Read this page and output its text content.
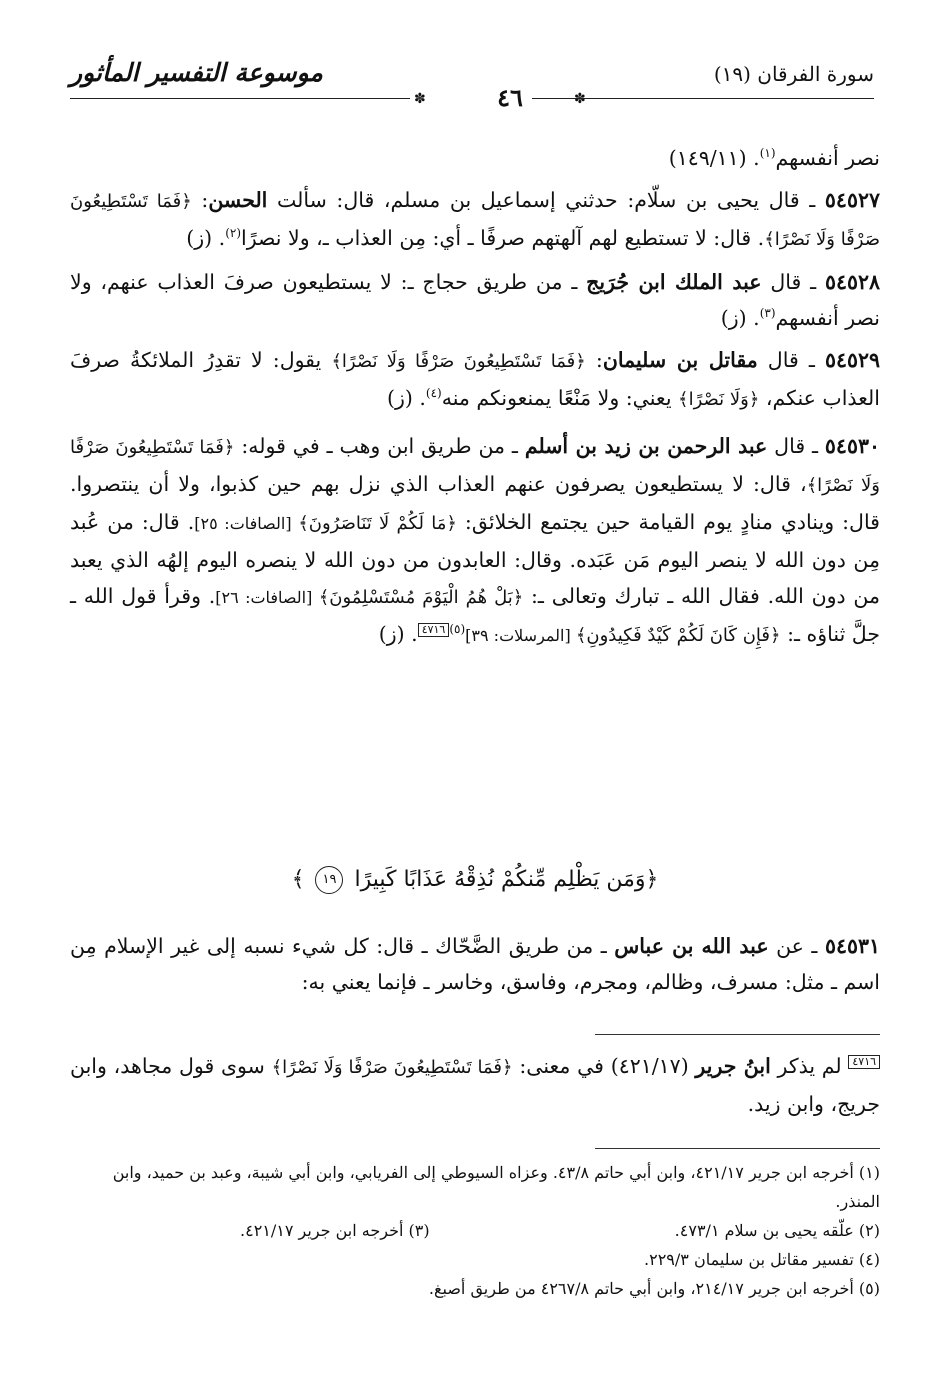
موسوعة التفسير المأثور	سورة الفرقان (١٩)
✽	٤٦	✽

نصر أنفسهم$^{(١)}$. (١٤٩/١١)

٥٤٥٢٧ ـ قال يحيى بن سلّام: حدثني إسماعيل بن مسلم، قال: سألت الحسن: ﴿فَمَا تَسْتَطِيعُونَ صَرْفًا وَلَا نَصْرًا﴾. قال: لا تستطيع لهم آلهتهم صرفًا ـ أي: مِن العذاب ـ، ولا نصرًا$^{(٢)}$. (ز)

٥٤٥٢٨ ـ قال عبد الملك ابن جُرَيج ـ من طريق حجاج ـ: لا يستطيعون صرفَ العذاب عنهم، ولا نصر أنفسهم$^{(٣)}$. (ز)

٥٤٥٢٩ ـ قال مقاتل بن سليمان: ﴿فَمَا تَسْتَطِيعُونَ صَرْفًا وَلَا نَصْرًا﴾ يقول: لا تقدِرُ الملائكةُ صرفَ العذاب عنكم، ﴿وَلَا نَصْرًا﴾ يعني: ولا مَنْعًا يمنعونكم منه$^{(٤)}$. (ز)

٥٤٥٣٠ ـ قال عبد الرحمن بن زيد بن أسلم ـ من طريق ابن وهب ـ في قوله: ﴿فَمَا تَسْتَطِيعُونَ صَرْفًا وَلَا نَصْرًا﴾، قال: لا يستطيعون يصرفون عنهم العذاب الذي نزل بهم حين كذبوا، ولا أن ينتصروا. قال: وينادي منادٍ يوم القيامة حين يجتمع الخلائق: ﴿مَا لَكُمْ لَا تَنَاصَرُونَ﴾ [الصافات: ٢٥]. قال: من عُبد مِن دون الله لا ينصر اليوم مَن عَبَده. وقال: العابدون من دون الله لا ينصره اليوم إلهُه الذي يعبد من دون الله. فقال الله ـ تبارك وتعالى ـ: ﴿بَلْ هُمُ الْيَوْمَ مُسْتَسْلِمُونَ﴾ [الصافات: ٢٦]. وقرأ قول الله ـ جلَّ ثناؤه ـ: ﴿فَإِن كَانَ لَكُمْ كَيْدٌ فَكِيدُونِ﴾ [المرسلات: ٣٩]$^{(٥)}$٤٧١٦. (ز)

﴿وَمَن يَظْلِم مِّنكُمْ نُذِقْهُ عَذَابًا كَبِيرًا ١٩ ﴾

٥٤٥٣١ ـ عن عبد الله بن عباس ـ من طريق الضَّحّاك ـ قال: كل شيء نسبه إلى غير الإسلام مِن اسم ـ مثل: مسرف، وظالم، ومجرم، وفاسق، وخاسر ـ فإنما يعني به:

٤٧١٦ لم يذكر ابنُ جرير (٤٢١/١٧) في معنى: ﴿فَمَا تَسْتَطِيعُونَ صَرْفًا وَلَا نَصْرًا﴾ سوى قول مجاهد، وابن جريج، وابن زيد.

(١) أخرجه ابن جرير ٤٢١/١٧، وابن أبي حاتم ٤٣/٨. وعزاه السيوطي إلى الفريابي، وابن أبي شيبة، وعبد بن حميد، وابن المنذر.
(٢) علّقه يحيى بن سلام ٤٧٣/١.
(٣) أخرجه ابن جرير ٤٢١/١٧.
(٤) تفسير مقاتل بن سليمان ٢٢٩/٣.
(٥) أخرجه ابن جرير ٢١٤/١٧، وابن أبي حاتم ٤٢٦٧/٨ من طريق أصبغ.
